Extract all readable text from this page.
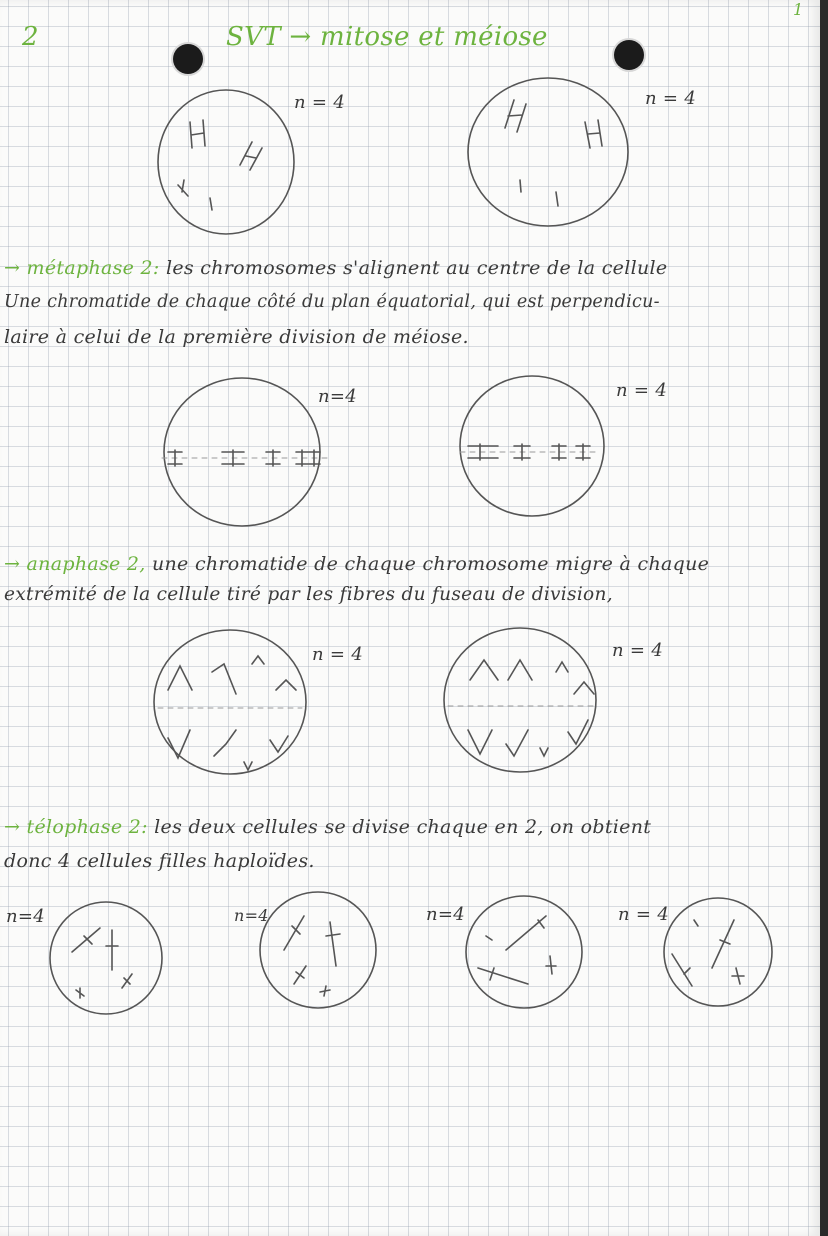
2
1
SVT → mitose et méiose
n = 4	n = 4
→ métaphase 2: les chromosomes s'alignent au centre de la cellule
Une chromatide de chaque côté du plan équatorial, qui est perpendicu-
laire à celui de la première division de méiose.
n=4	n = 4
→ anaphase 2, une chromatide de chaque chromosome migre à chaque
extrémité de la cellule tiré par les fibres du fuseau de division,
n = 4	n = 4
→ télophase 2: les deux cellules se divise chaque en 2, on obtient
donc 4 cellules filles haploïdes.
n=4	n=4	n=4	n = 4
